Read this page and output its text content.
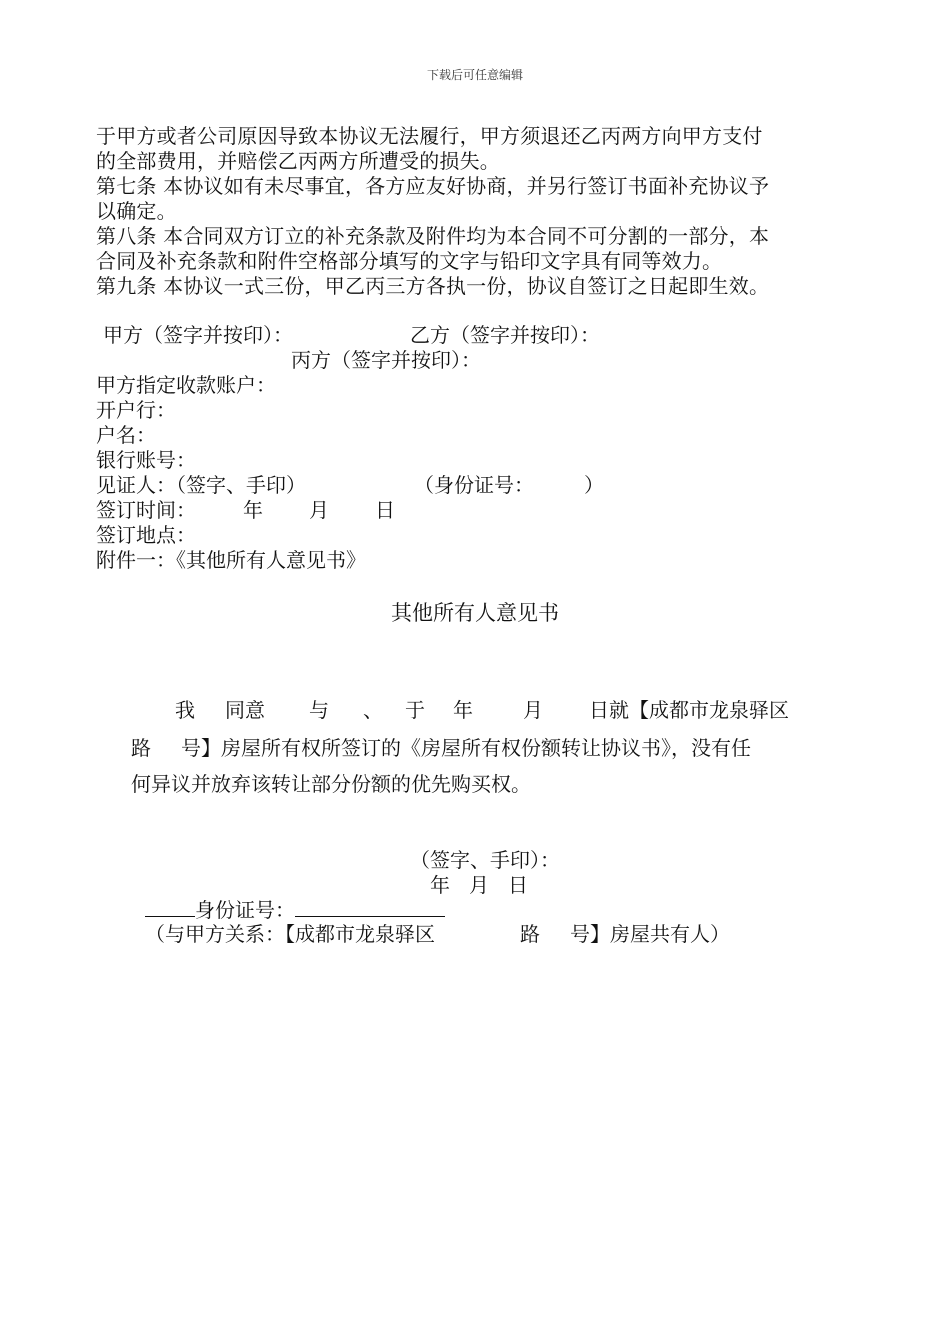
下载后可任意编辑
于甲方或者公司原因导致本协议无法履行，甲方须退还乙丙两方向甲方支付
的全部费用，并赔偿乙丙两方所遭受的损失。
第七条 本协议如有未尽事宜，各方应友好协商，并另行签订书面补充协议予
以确定。
第八条 本合同双方订立的补充条款及附件均为本合同不可分割的一部分，本
合同及补充条款和附件空格部分填写的文字与铅印文字具有同等效力。
第九条 本协议一式三份，甲乙丙三方各执一份，协议自签订之日起即生效。
甲方（签字并按印）：	乙方（签字并按印）：
丙方（签字并按印）：
甲方指定收款账户：
开户行：
户名：
银行账号：
见证人：（签字、手印）	（身份证号：　　　）
签订时间： 年 月 日
签订地点：
附件一：《其他所有人意见书》
其他所有人意见书
我 同意 与 、 于 年	月 日就【成都市龙泉驿区
路 号】房屋所有权所签订的《房屋所有权份额转让协议书》，没有任
何异议并放弃该转让部分份额的优先购买权。
（签字、手印）：
年 月 日
身份证号：
（与甲方关系：【成都市龙泉驿区	路 号】房屋共有人）
